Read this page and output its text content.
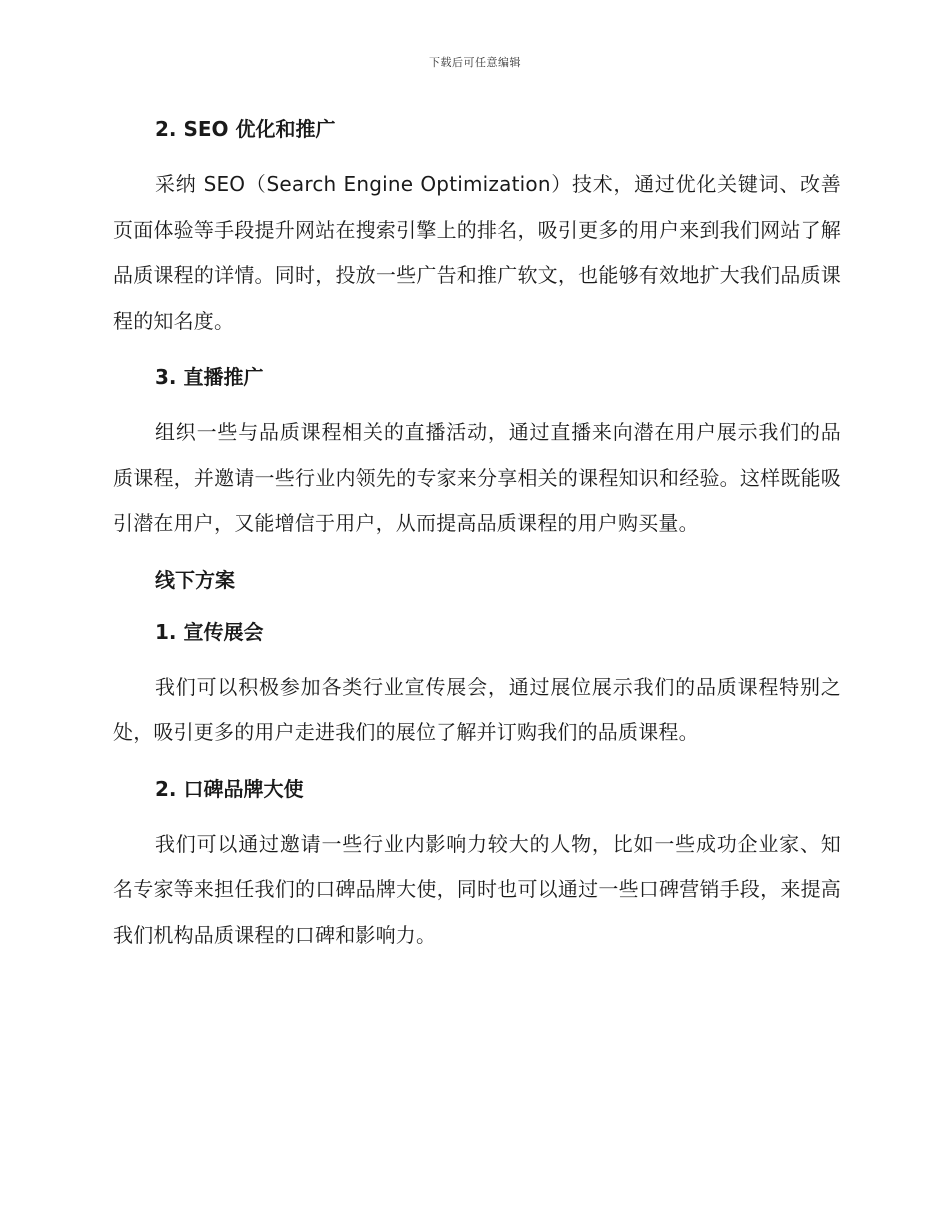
下载后可任意编辑
2. SEO 优化和推广

采纳 SEO（Search Engine Optimization）技术，通过优化关键词、改善页面体验等手段提升网站在搜索引擎上的排名，吸引更多的用户来到我们网站了解品质课程的详情。同时，投放一些广告和推广软文，也能够有效地扩大我们品质课程的知名度。

3. 直播推广

组织一些与品质课程相关的直播活动，通过直播来向潜在用户展示我们的品质课程，并邀请一些行业内领先的专家来分享相关的课程知识和经验。这样既能吸引潜在用户，又能增信于用户，从而提高品质课程的用户购买量。

线下方案
1. 宣传展会

我们可以积极参加各类行业宣传展会，通过展位展示我们的品质课程特别之处，吸引更多的用户走进我们的展位了解并订购我们的品质课程。

2. 口碑品牌大使

我们可以通过邀请一些行业内影响力较大的人物，比如一些成功企业家、知名专家等来担任我们的口碑品牌大使，同时也可以通过一些口碑营销手段，来提高我们机构品质课程的口碑和影响力。
